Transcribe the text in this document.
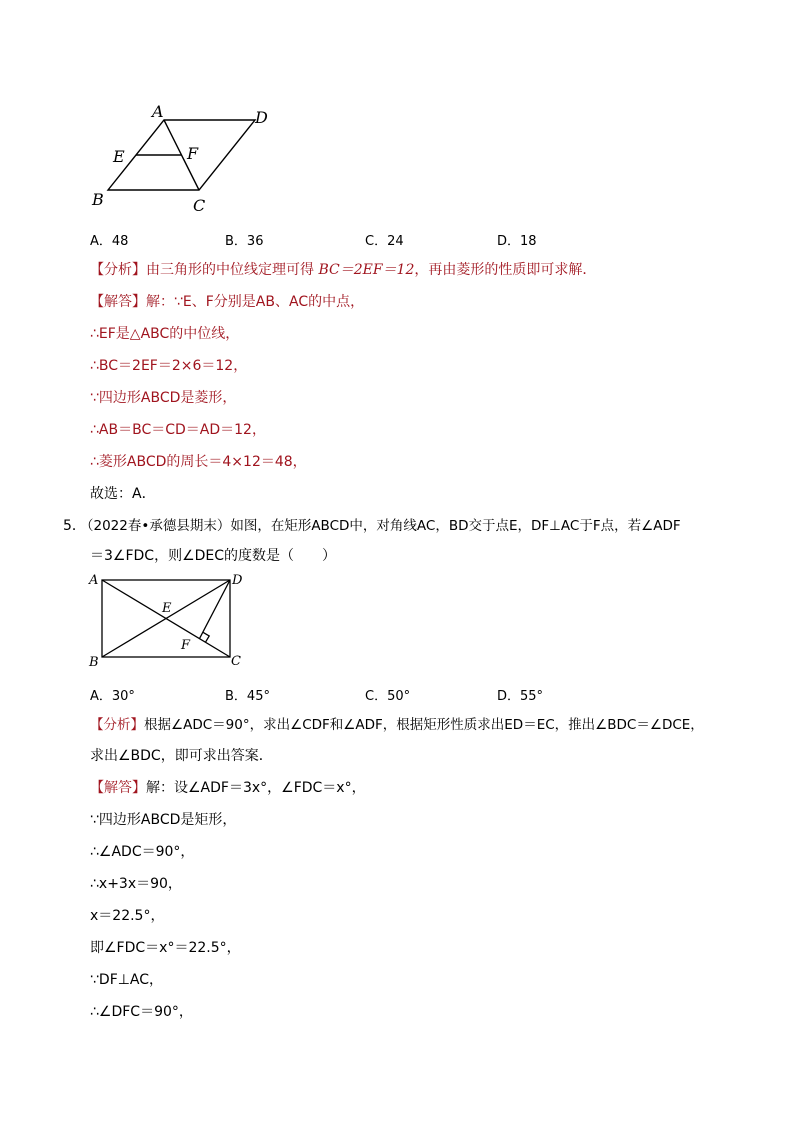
A	D
E	F
B	C
A．48	B．36	C．24	D．18
【分析】由三角形的中位线定理可得 BC＝2EF＝12，再由菱形的性质即可求解．
【解答】解：∵E、F分别是AB、AC的中点，
∴EF是△ABC的中位线，
∴BC＝2EF＝2×6＝12，
∵四边形ABCD是菱形，
∴AB＝BC＝CD＝AD＝12，
∴菱形ABCD的周长＝4×12＝48，
故选：A．
5．
（2022春•承德县期末）如图，在矩形ABCD中，对角线AC，BD交于点E，DF⊥AC于F点，若∠ADF
＝3∠FDC，则∠DEC的度数是（　　）
A	D
E
F
B	C
A．30°	B．45°	C．50°	D．55°
【分析】根据∠ADC＝90°，求出∠CDF和∠ADF，根据矩形性质求出ED＝EC，推出∠BDC＝∠DCE，
求出∠BDC，即可求出答案．
【解答】解：设∠ADF＝3x°，∠FDC＝x°，
∵四边形ABCD是矩形，
∴∠ADC＝90°，
∴x+3x＝90，
x＝22.5°，
即∠FDC＝x°＝22.5°，
∵DF⊥AC，
∴∠DFC＝90°，
